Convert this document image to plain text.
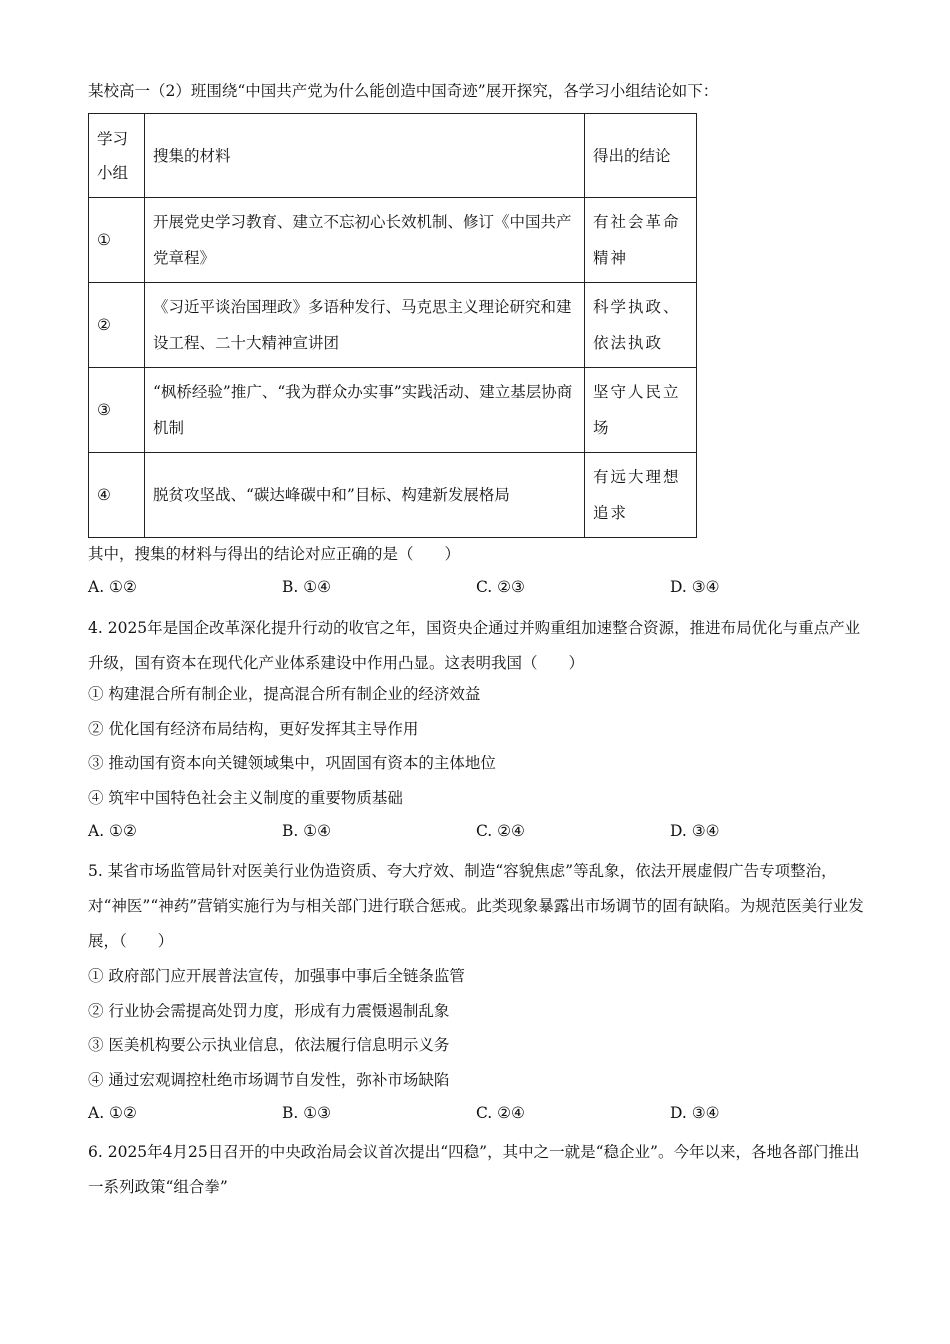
某校高一（2）班围绕“中国共产党为什么能创造中国奇迹”展开探究，各学习小组结论如下：
学习小组	搜集的材料	得出的结论
①	开展党史学习教育、建立不忘初心长效机制、修订《中国共产党章程》	有社会革命精神
②	《习近平谈治国理政》多语种发行、马克思主义理论研究和建设工程、二十大精神宣讲团	科学执政、依法执政
③	“枫桥经验”推广、“我为群众办实事”实践活动、建立基层协商机制	坚守人民立场
④	脱贫攻坚战、“碳达峰碳中和”目标、构建新发展格局	有远大理想追求
其中，搜集的材料与得出的结论对应正确的是（　　）
A. ①②	B. ①④	C. ②③	D. ③④
4. 2025年是国企改革深化提升行动的收官之年，国资央企通过并购重组加速整合资源，推进布局优化与重点产业升级，国有资本在现代化产业体系建设中作用凸显。这表明我国（　　）
① 构建混合所有制企业，提高混合所有制企业的经济效益
② 优化国有经济布局结构，更好发挥其主导作用
③ 推动国有资本向关键领域集中，巩固国有资本的主体地位
④ 筑牢中国特色社会主义制度的重要物质基础
A. ①②	B. ①④	C. ②④	D. ③④
5. 某省市场监管局针对医美行业伪造资质、夸大疗效、制造“容貌焦虑”等乱象，依法开展虚假广告专项整治，对“神医”“神药”营销实施行为与相关部门进行联合惩戒。此类现象暴露出市场调节的固有缺陷。为规范医美行业发展，（　　）
① 政府部门应开展普法宣传，加强事中事后全链条监管
② 行业协会需提高处罚力度，形成有力震慑遏制乱象
③ 医美机构要公示执业信息，依法履行信息明示义务
④ 通过宏观调控杜绝市场调节自发性，弥补市场缺陷
A. ①②	B. ①③	C. ②④	D. ③④
6. 2025年4月25日召开的中央政治局会议首次提出“四稳”，其中之一就是“稳企业”。今年以来，各地各部门推出一系列政策“组合拳”
